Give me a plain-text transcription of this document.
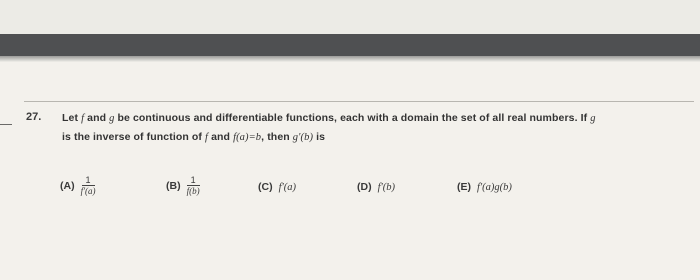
27. Let f and g be continuous and differentiable functions, each with a domain the set of all real numbers. If g
is the inverse of function of f and f(a)=b, then g'(b) is
$(A) \frac{1}{f'(a)}$	$(B) \frac{1}{f(b)}$	(C) f'(a)	(D) f'(b)	(E) f'(a)g(b)
